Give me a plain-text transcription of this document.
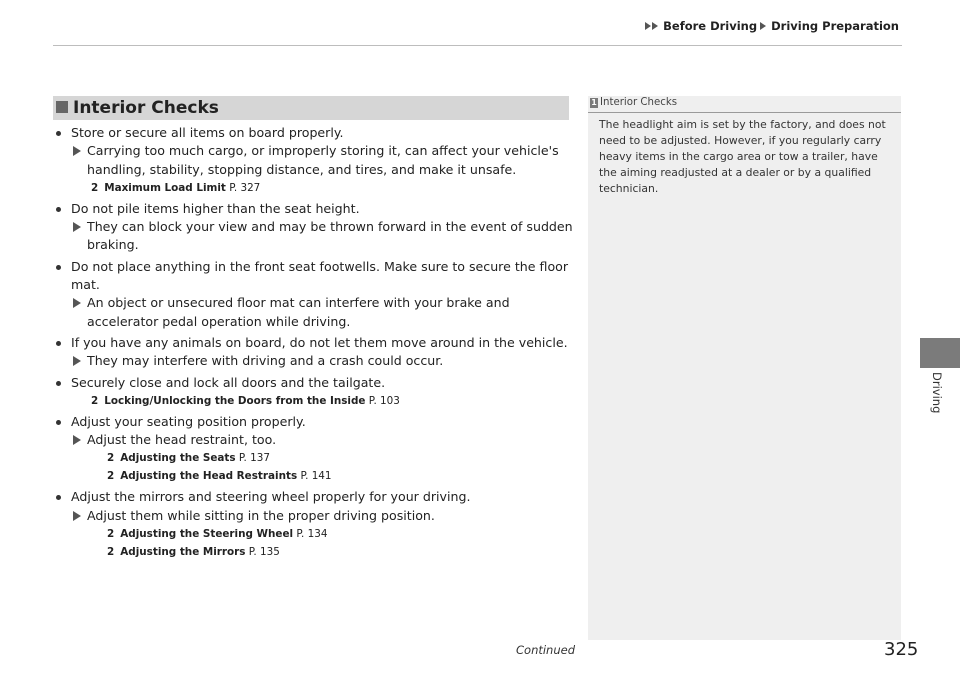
Before Driving Driving Preparation
Interior Checks
Store or secure all items on board properly.
Carrying too much cargo, or improperly storing it, can affect your vehicle's handling, stability, stopping distance, and tires, and make it unsafe.
2 Maximum Load Limit P. 327
Do not pile items higher than the seat height.
They can block your view and may be thrown forward in the event of sudden braking.
Do not place anything in the front seat footwells. Make sure to secure the floor mat.
An object or unsecured floor mat can interfere with your brake and accelerator pedal operation while driving.
If you have any animals on board, do not let them move around in the vehicle.
They may interfere with driving and a crash could occur.
Securely close and lock all doors and the tailgate.
2 Locking/Unlocking the Doors from the Inside P. 103
Adjust your seating position properly.
Adjust the head restraint, too.
2 Adjusting the Seats P. 137
2 Adjusting the Head Restraints P. 141
Adjust the mirrors and steering wheel properly for your driving.
Adjust them while sitting in the proper driving position.
2 Adjusting the Steering Wheel P. 134
2 Adjusting the Mirrors P. 135
1 Interior Checks
The headlight aim is set by the factory, and does not need to be adjusted. However, if you regularly carry heavy items in the cargo area or tow a trailer, have the aiming readjusted at a dealer or by a qualified technician.
Driving
Continued	325
